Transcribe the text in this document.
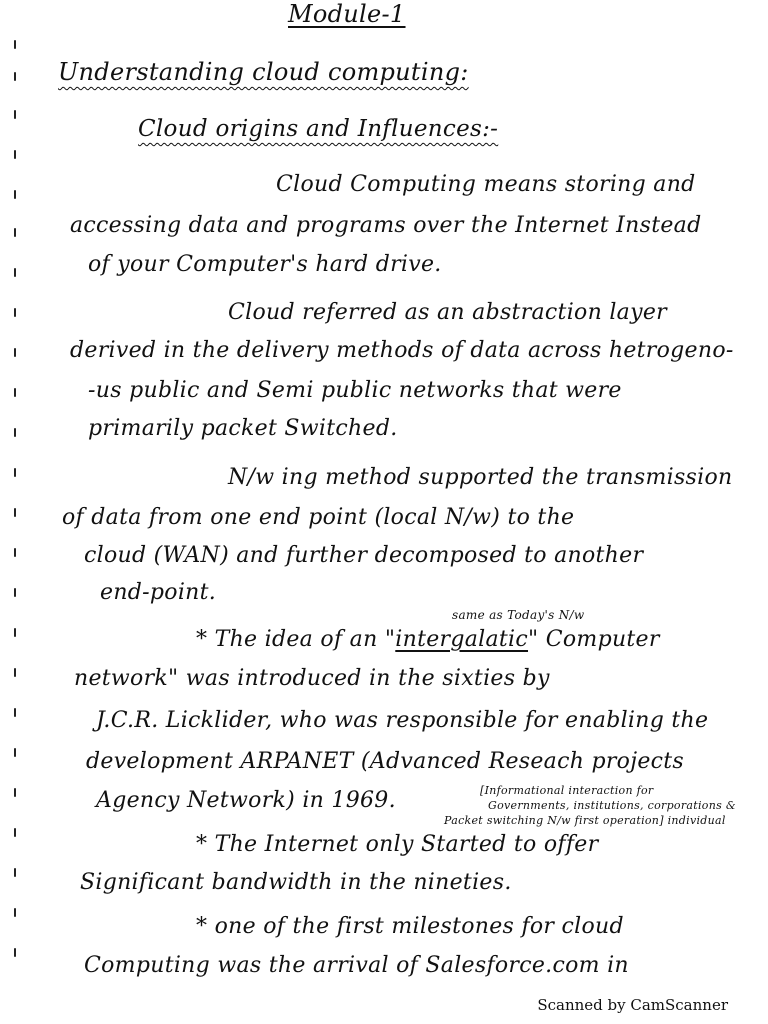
Module-1
Understanding cloud computing:
Cloud origins and Influences:-
Cloud Computing means storing and
accessing data and programs over the Internet Instead
of your Computer's hard drive.
Cloud referred as an abstraction layer
derived in the delivery methods of data across hetrogeno-
-us public and Semi public networks that were
primarily packet Switched.
N/w ing method supported the transmission
of data from one end point (local N/w) to the
cloud (WAN) and further decomposed to another
end-point.
same as Today's N/w
* The idea of an "intergalatic" Computer
network" was introduced in the sixties by
J.C.R. Licklider, who was responsible for enabling the
development ARPANET (Advanced Reseach projects
Agency Network) in 1969.	[Informational interaction for
Governments, institutions, corporations &
Packet switching N/w first operation] individual
* The Internet only Started to offer
Significant bandwidth in the nineties.
* one of the first milestones for cloud
Computing was the arrival of Salesforce.com in
Scanned by CamScanner
